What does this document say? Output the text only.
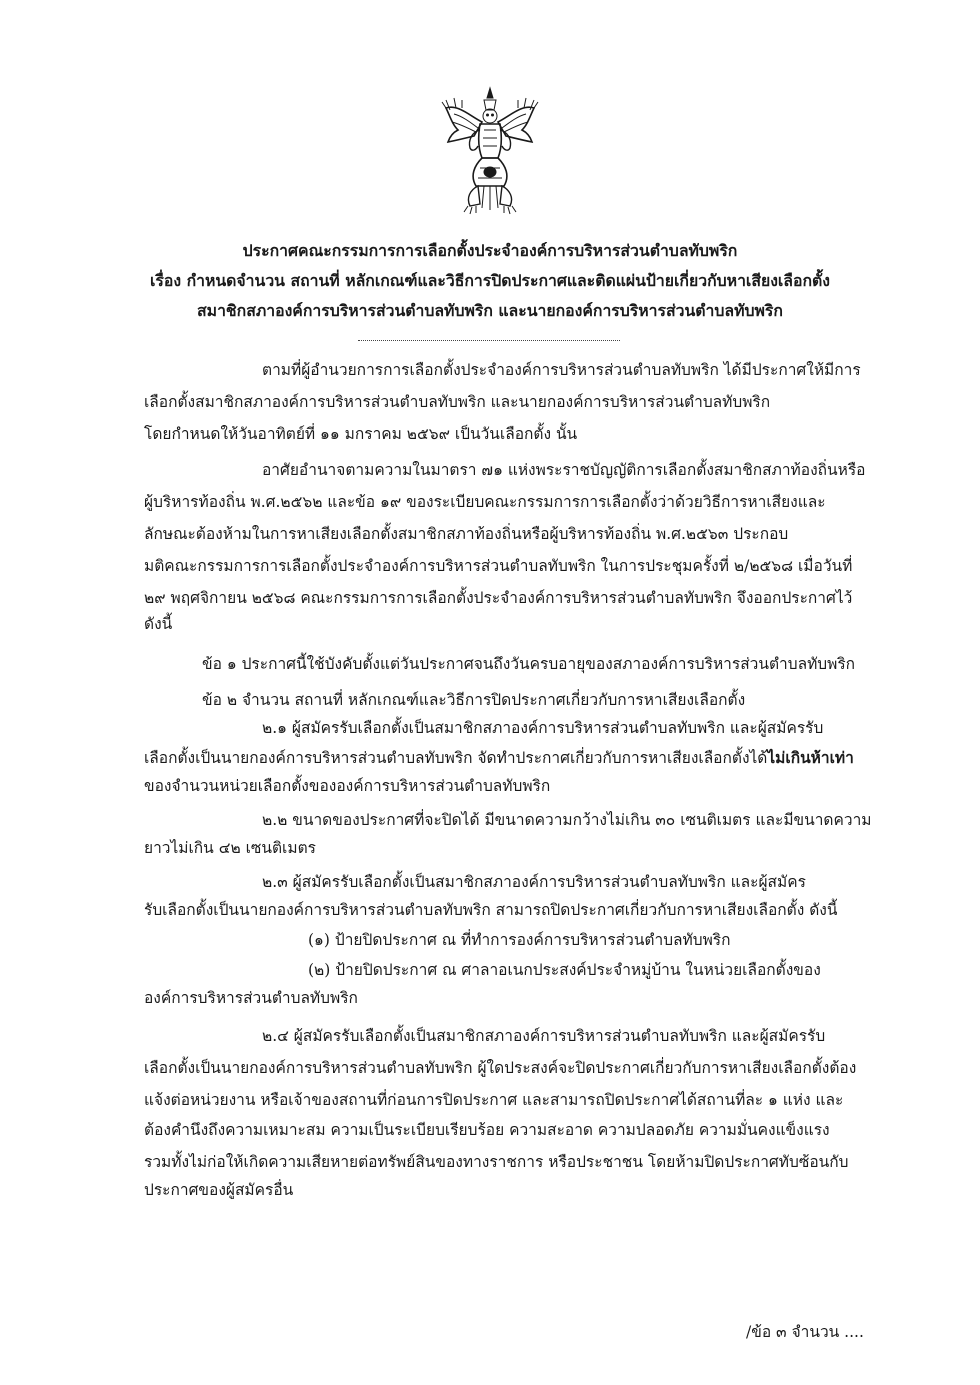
ประกาศคณะกรรมการการเลือกตั้งประจำองค์การบริหารส่วนตำบลทับพริก
เรื่อง กำหนดจำนวน สถานที่ หลักเกณฑ์และวิธีการปิดประกาศและติดแผ่นป้ายเกี่ยวกับหาเสียงเลือกตั้ง
สมาชิกสภาองค์การบริหารส่วนตำบลทับพริก และนายกองค์การบริหารส่วนตำบลทับพริก
ตามที่ผู้อำนวยการการเลือกตั้งประจำองค์การบริหารส่วนตำบลทับพริก ได้มีประกาศให้มีการ
เลือกตั้งสมาชิกสภาองค์การบริหารส่วนตำบลทับพริก และนายกองค์การบริหารส่วนตำบลทับพริก
โดยกำหนดให้วันอาทิตย์ที่ ๑๑ มกราคม ๒๕๖๙ เป็นวันเลือกตั้ง นั้น
อาศัยอำนาจตามความในมาตรา ๗๑ แห่งพระราชบัญญัติการเลือกตั้งสมาชิกสภาท้องถิ่นหรือ
ผู้บริหารท้องถิ่น พ.ศ.๒๕๖๒ และข้อ ๑๙ ของระเบียบคณะกรรมการการเลือกตั้งว่าด้วยวิธีการหาเสียงและ
ลักษณะต้องห้ามในการหาเสียงเลือกตั้งสมาชิกสภาท้องถิ่นหรือผู้บริหารท้องถิ่น พ.ศ.๒๕๖๓ ประกอบ
มติคณะกรรมการการเลือกตั้งประจำองค์การบริหารส่วนตำบลทับพริก ในการประชุมครั้งที่ ๒/๒๕๖๘ เมื่อวันที่
๒๙ พฤศจิกายน ๒๕๖๘ คณะกรรมการการเลือกตั้งประจำองค์การบริหารส่วนตำบลทับพริก จึงออกประกาศไว้
ดังนี้
ข้อ ๑ ประกาศนี้ใช้บังคับตั้งแต่วันประกาศจนถึงวันครบอายุของสภาองค์การบริหารส่วนตำบลทับพริก
ข้อ ๒ จำนวน สถานที่ หลักเกณฑ์และวิธีการปิดประกาศเกี่ยวกับการหาเสียงเลือกตั้ง
๒.๑ ผู้สมัครรับเลือกตั้งเป็นสมาชิกสภาองค์การบริหารส่วนตำบลทับพริก และผู้สมัครรับ
เลือกตั้งเป็นนายกองค์การบริหารส่วนตำบลทับพริก จัดทำประกาศเกี่ยวกับการหาเสียงเลือกตั้งได้ไม่เกินห้าเท่า
ของจำนวนหน่วยเลือกตั้งขององค์การบริหารส่วนตำบลทับพริก
๒.๒ ขนาดของประกาศที่จะปิดได้ มีขนาดความกว้างไม่เกิน ๓๐ เซนติเมตร และมีขนาดความ
ยาวไม่เกิน ๔๒ เซนติเมตร
๒.๓ ผู้สมัครรับเลือกตั้งเป็นสมาชิกสภาองค์การบริหารส่วนตำบลทับพริก และผู้สมัคร
รับเลือกตั้งเป็นนายกองค์การบริหารส่วนตำบลทับพริก สามารถปิดประกาศเกี่ยวกับการหาเสียงเลือกตั้ง ดังนี้
(๑) ป้ายปิดประกาศ ณ ที่ทำการองค์การบริหารส่วนตำบลทับพริก
(๒) ป้ายปิดประกาศ ณ ศาลาอเนกประสงค์ประจำหมู่บ้าน ในหน่วยเลือกตั้งของ
องค์การบริหารส่วนตำบลทับพริก
๒.๔ ผู้สมัครรับเลือกตั้งเป็นสมาชิกสภาองค์การบริหารส่วนตำบลทับพริก และผู้สมัครรับ
เลือกตั้งเป็นนายกองค์การบริหารส่วนตำบลทับพริก ผู้ใดประสงค์จะปิดประกาศเกี่ยวกับการหาเสียงเลือกตั้งต้อง
แจ้งต่อหน่วยงาน หรือเจ้าของสถานที่ก่อนการปิดประกาศ และสามารถปิดประกาศได้สถานที่ละ ๑ แห่ง และ
ต้องคำนึงถึงความเหมาะสม ความเป็นระเบียบเรียบร้อย ความสะอาด ความปลอดภัย ความมั่นคงแข็งแรง
รวมทั้งไม่ก่อให้เกิดความเสียหายต่อทรัพย์สินของทางราชการ หรือประชาชน โดยห้ามปิดประกาศทับซ้อนกับ
ประกาศของผู้สมัครอื่น
/ข้อ ๓ จำนวน ....
